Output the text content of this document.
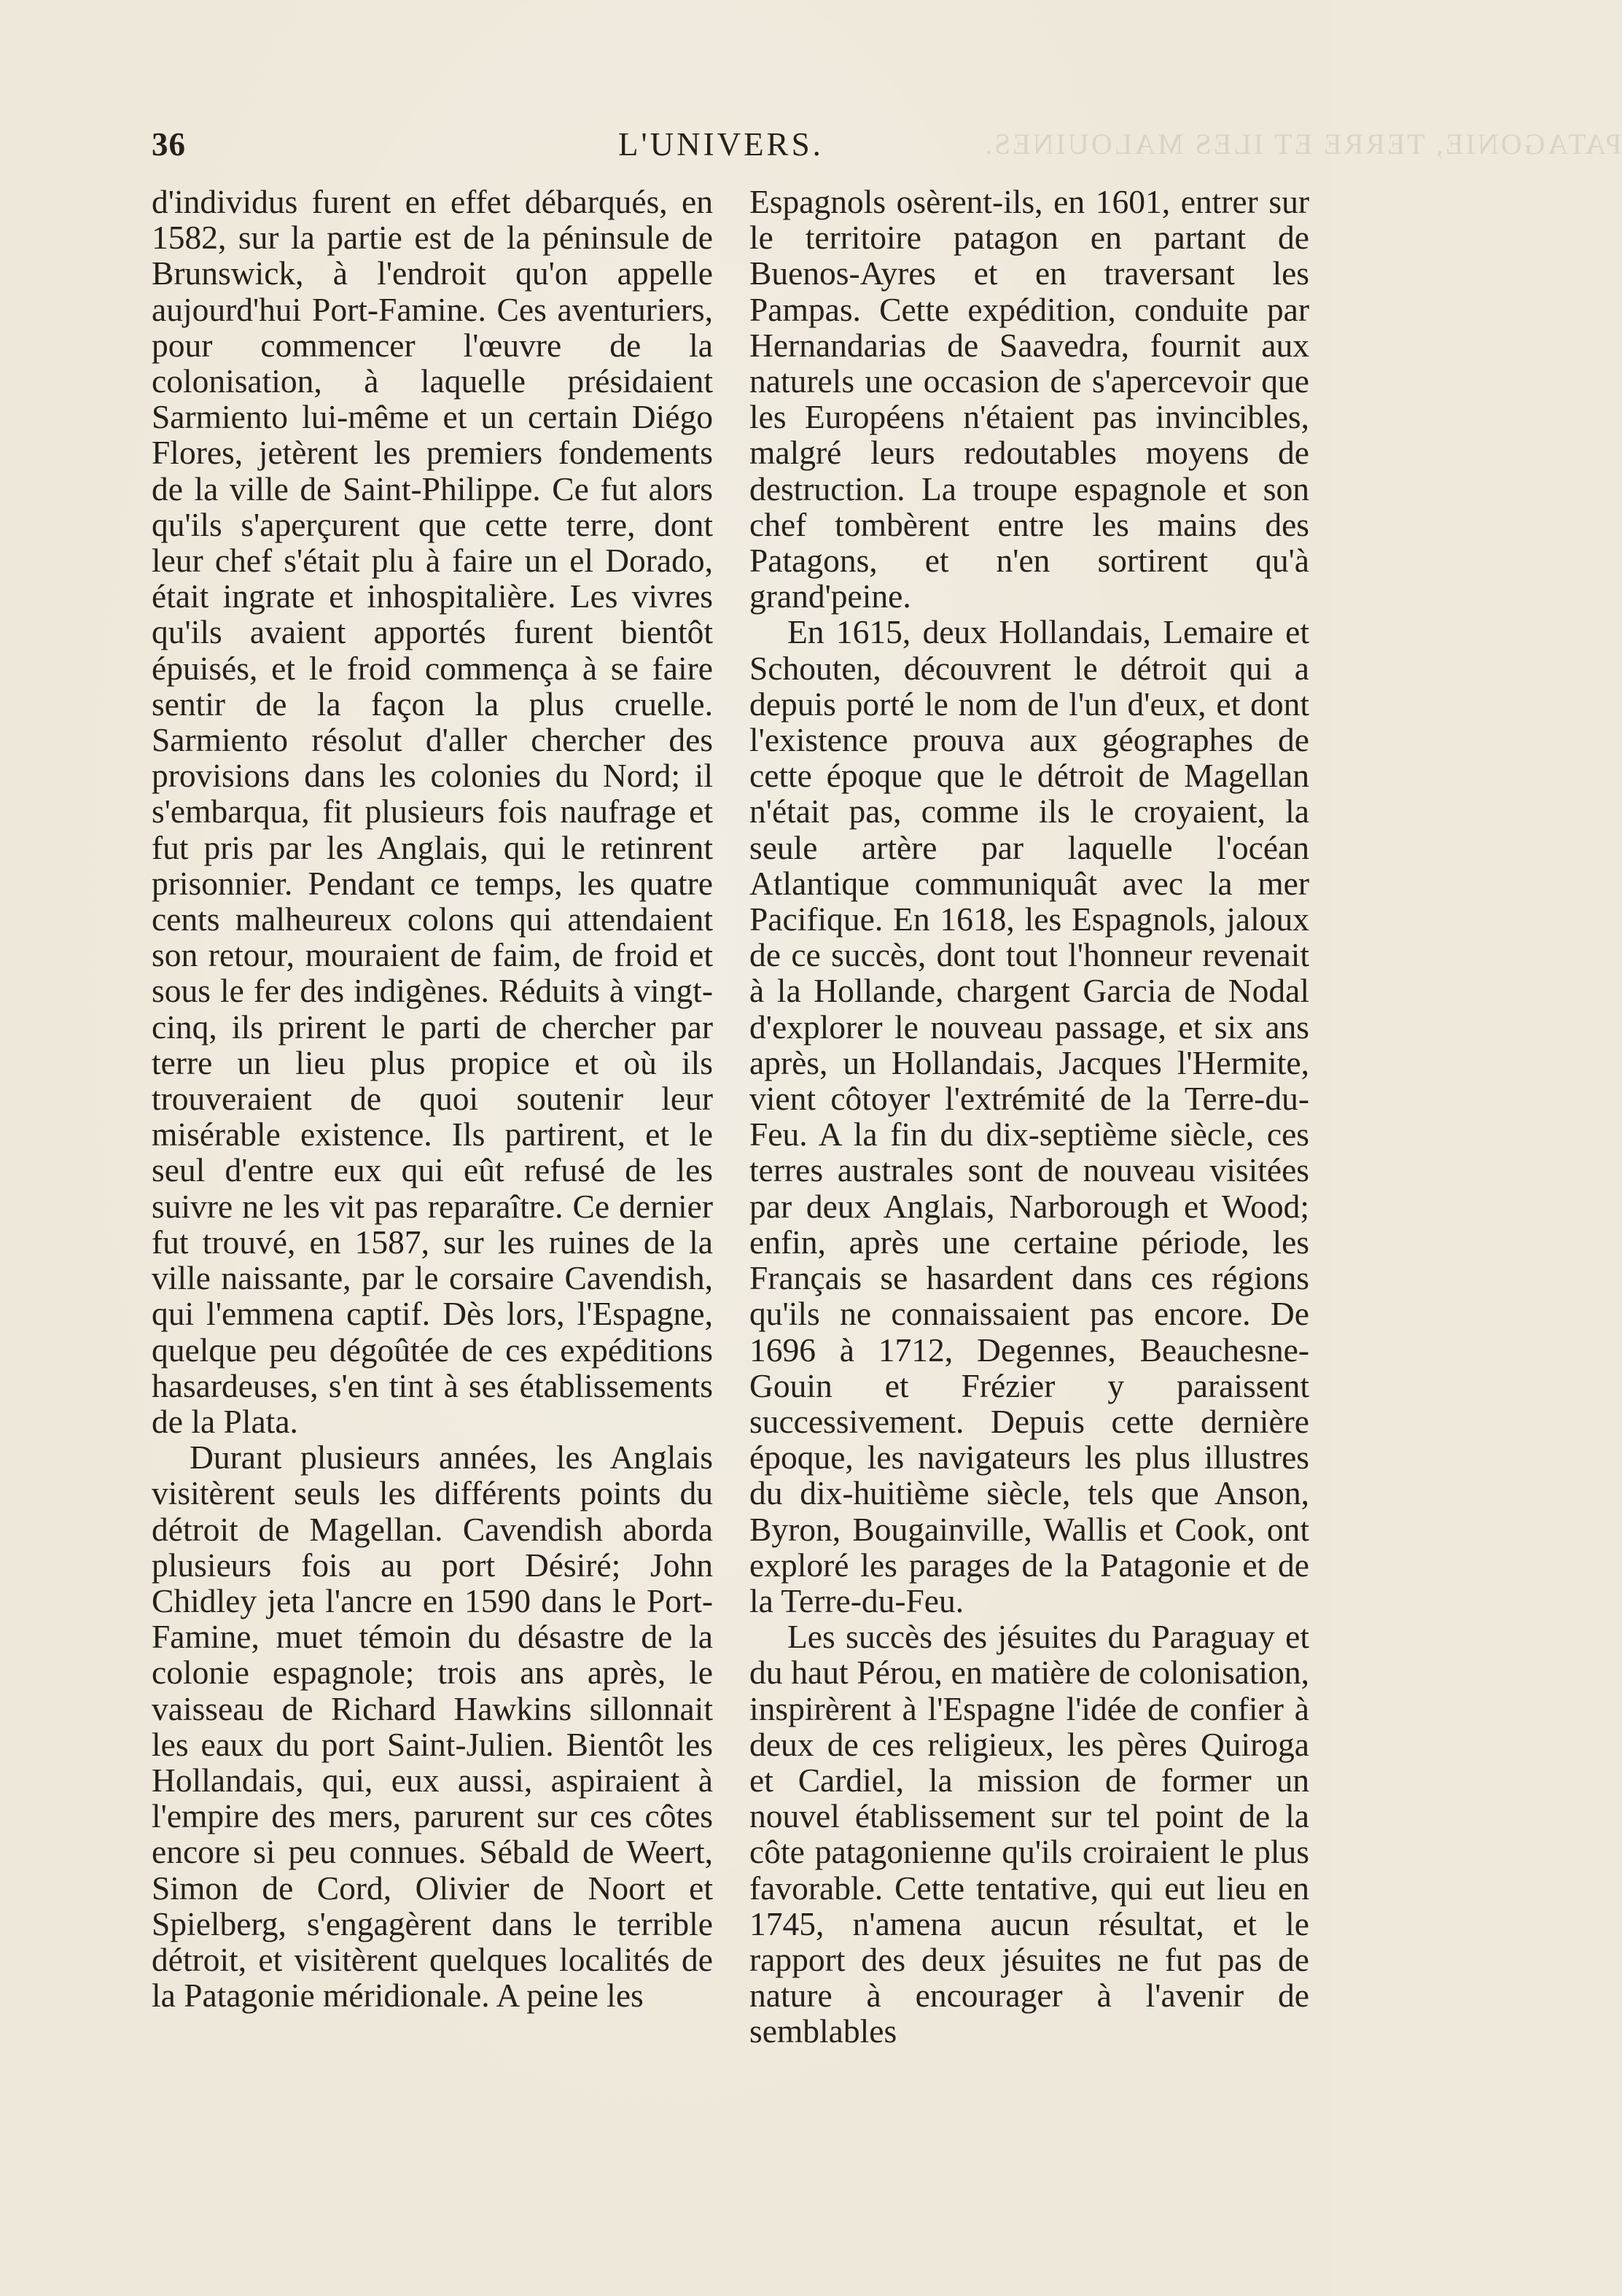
36	L'UNIVERS.	PATAGONIE, TERRE ET ILES MALOUINES.

d'individus furent en effet débarqués, en 1582, sur la partie est de la péninsule de Brunswick, à l'endroit qu'on appelle aujourd'hui Port-Famine. Ces aventuriers, pour commencer l'œuvre de la colonisation, à laquelle présidaient Sarmiento lui-même et un certain Diégo Flores, jetèrent les premiers fondements de la ville de Saint-Philippe. Ce fut alors qu'ils s'aperçurent que cette terre, dont leur chef s'était plu à faire un el Dorado, était ingrate et inhospitalière. Les vivres qu'ils avaient apportés furent bientôt épuisés, et le froid commença à se faire sentir de la façon la plus cruelle. Sarmiento résolut d'aller chercher des provisions dans les colonies du Nord; il s'embarqua, fit plusieurs fois naufrage et fut pris par les Anglais, qui le retinrent prisonnier. Pendant ce temps, les quatre cents malheureux colons qui attendaient son retour, mouraient de faim, de froid et sous le fer des indigènes. Réduits à vingt-cinq, ils prirent le parti de chercher par terre un lieu plus propice et où ils trouveraient de quoi soutenir leur misérable existence. Ils partirent, et le seul d'entre eux qui eût refusé de les suivre ne les vit pas reparaître. Ce dernier fut trouvé, en 1587, sur les ruines de la ville naissante, par le corsaire Cavendish, qui l'emmena captif. Dès lors, l'Espagne, quelque peu dégoûtée de ces expéditions hasardeuses, s'en tint à ses établissements de la Plata.

Durant plusieurs années, les Anglais visitèrent seuls les différents points du détroit de Magellan. Cavendish aborda plusieurs fois au port Désiré; John Chidley jeta l'ancre en 1590 dans le Port-Famine, muet témoin du désastre de la colonie espagnole; trois ans après, le vaisseau de Richard Hawkins sillonnait les eaux du port Saint-Julien. Bientôt les Hollandais, qui, eux aussi, aspiraient à l'empire des mers, parurent sur ces côtes encore si peu connues. Sébald de Weert, Simon de Cord, Olivier de Noort et Spielberg, s'engagèrent dans le terrible détroit, et visitèrent quelques localités de la Patagonie méridionale. A peine les

Espagnols osèrent-ils, en 1601, entrer sur le territoire patagon en partant de Buenos-Ayres et en traversant les Pampas. Cette expédition, conduite par Hernandarias de Saavedra, fournit aux naturels une occasion de s'apercevoir que les Européens n'étaient pas invincibles, malgré leurs redoutables moyens de destruction. La troupe espagnole et son chef tombèrent entre les mains des Patagons, et n'en sortirent qu'à grand'peine.

En 1615, deux Hollandais, Lemaire et Schouten, découvrent le détroit qui a depuis porté le nom de l'un d'eux, et dont l'existence prouva aux géographes de cette époque que le détroit de Magellan n'était pas, comme ils le croyaient, la seule artère par laquelle l'océan Atlantique communiquât avec la mer Pacifique. En 1618, les Espagnols, jaloux de ce succès, dont tout l'honneur revenait à la Hollande, chargent Garcia de Nodal d'explorer le nouveau passage, et six ans après, un Hollandais, Jacques l'Hermite, vient côtoyer l'extrémité de la Terre-du-Feu. A la fin du dix-septième siècle, ces terres australes sont de nouveau visitées par deux Anglais, Narborough et Wood; enfin, après une certaine période, les Français se hasardent dans ces régions qu'ils ne connaissaient pas encore. De 1696 à 1712, Degennes, Beauchesne-Gouin et Frézier y paraissent successivement. Depuis cette dernière époque, les navigateurs les plus illustres du dix-huitième siècle, tels que Anson, Byron, Bougainville, Wallis et Cook, ont exploré les parages de la Patagonie et de la Terre-du-Feu.

Les succès des jésuites du Paraguay et du haut Pérou, en matière de colonisation, inspirèrent à l'Espagne l'idée de confier à deux de ces religieux, les pères Quiroga et Cardiel, la mission de former un nouvel établissement sur tel point de la côte patagonienne qu'ils croiraient le plus favorable. Cette tentative, qui eut lieu en 1745, n'amena aucun résultat, et le rapport des deux jésuites ne fut pas de nature à encourager à l'avenir de semblables
